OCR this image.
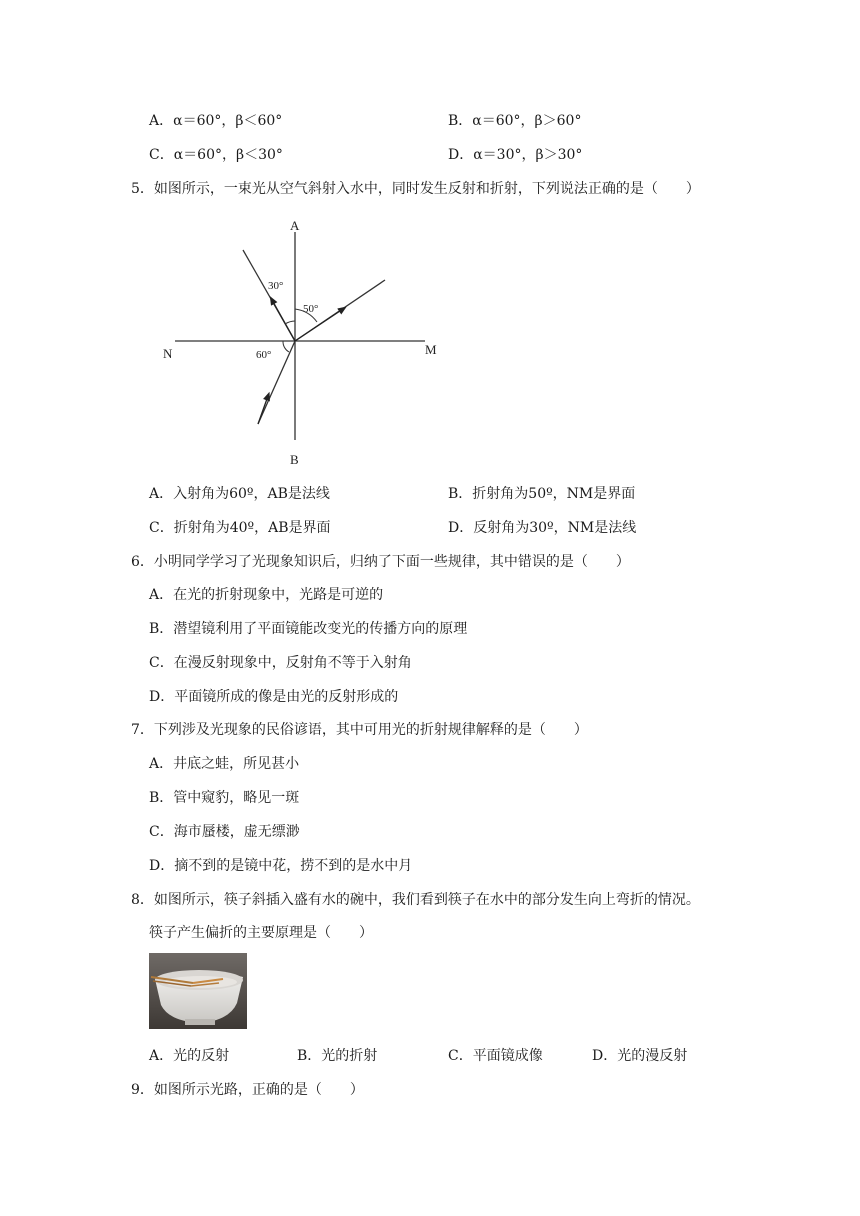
A．α＝60°，β＜60°	B．α＝60°，β＞60°
C．α＝60°，β＜30°	D．α＝30°，β＞30°
5．如图所示，一束光从空气斜射入水中，同时发生反射和折射，下列说法正确的是（　　）
A
B
N	M
30°
50°
60°
A．入射角为60º，AB是法线	B．折射角为50º，NM是界面
C．折射角为40º，AB是界面	D．反射角为30º，NM是法线
6．小明同学学习了光现象知识后，归纳了下面一些规律，其中错误的是（　　）
A．在光的折射现象中，光路是可逆的
B．潜望镜利用了平面镜能改变光的传播方向的原理
C．在漫反射现象中，反射角不等于入射角
D．平面镜所成的像是由光的反射形成的
7．下列涉及光现象的民俗谚语，其中可用光的折射规律解释的是（　　）
A．井底之蛙，所见甚小
B．管中窥豹，略见一斑
C．海市蜃楼，虚无缥渺
D．摘不到的是镜中花，捞不到的是水中月
8．如图所示，筷子斜插入盛有水的碗中，我们看到筷子在水中的部分发生向上弯折的情况。
筷子产生偏折的主要原理是（　　）
A．光的反射	B．光的折射	C．平面镜成像	D．光的漫反射
9．如图所示光路，正确的是（　　）
